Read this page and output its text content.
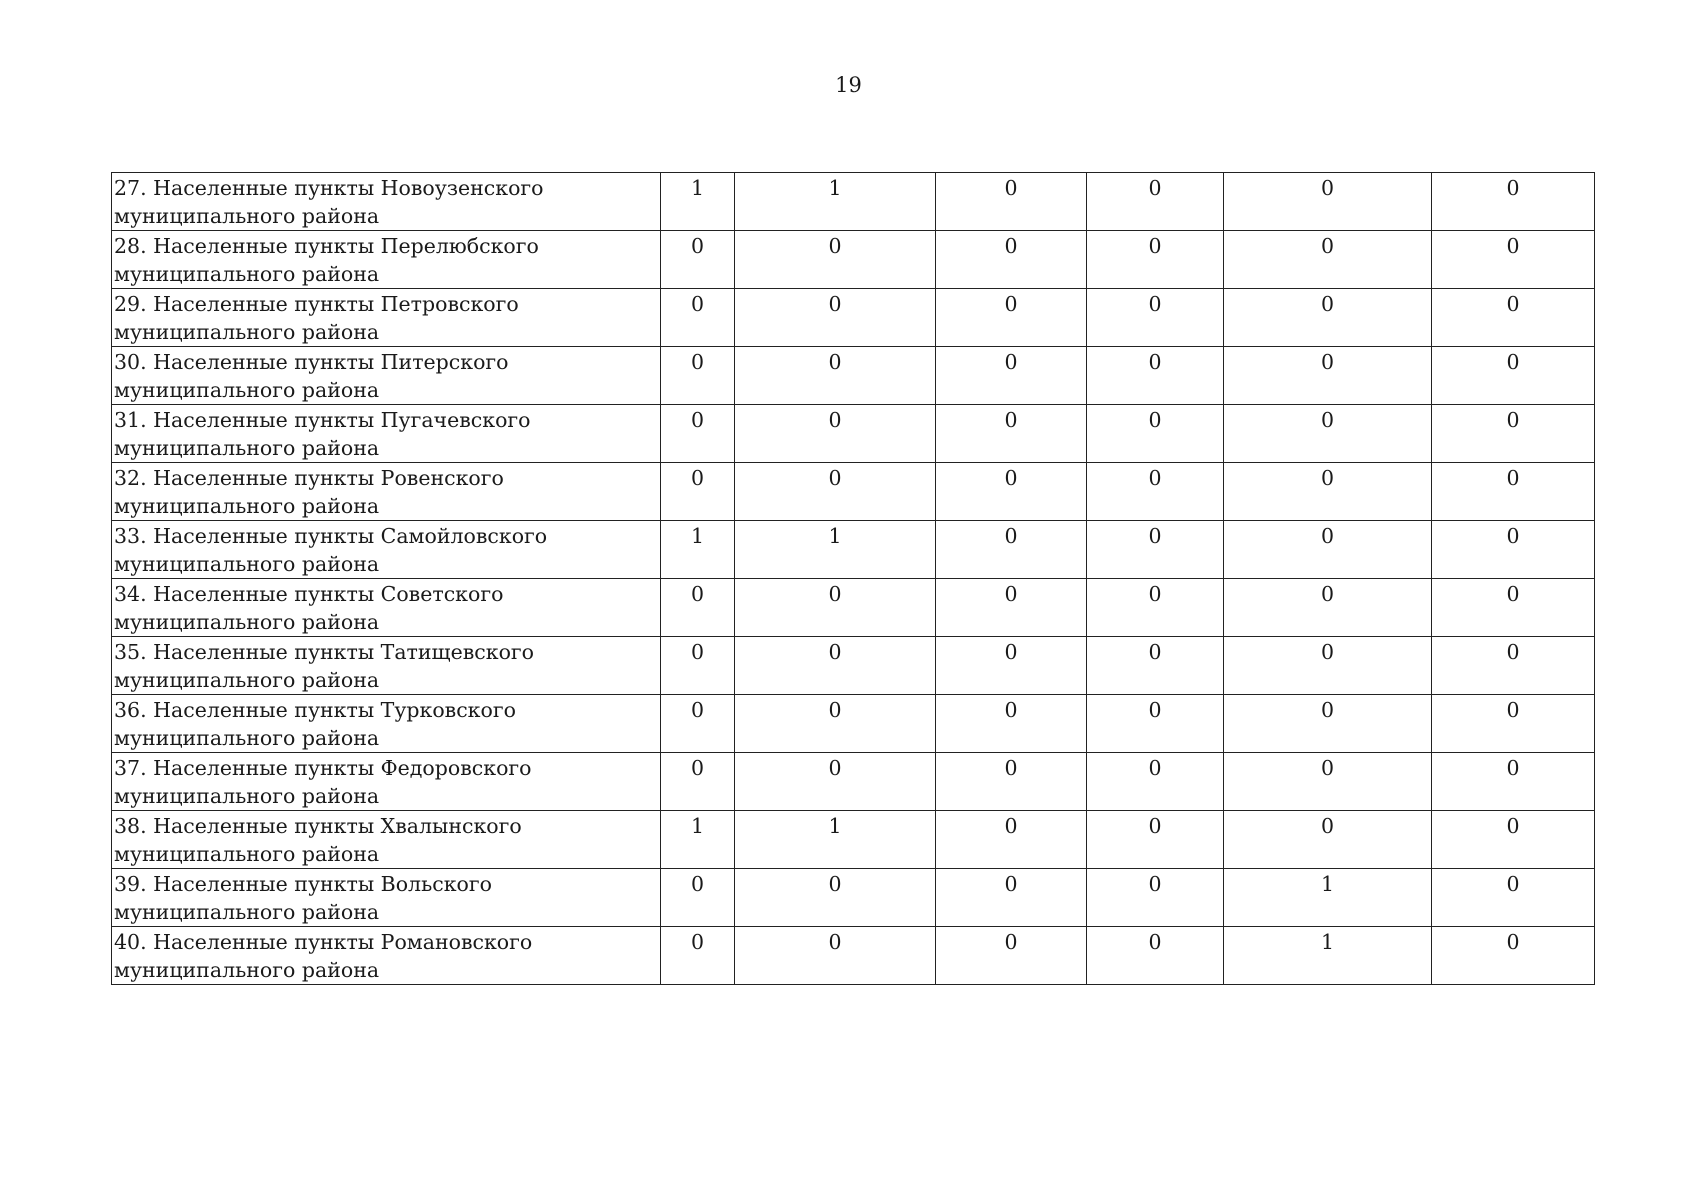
19
27. Населенные пункты Новоузенского муниципального района	1	1	0	0	0	0
28. Населенные пункты Перелюбского муниципального района	0	0	0	0	0	0
29. Населенные пункты Петровского муниципального района	0	0	0	0	0	0
30. Населенные пункты Питерского муниципального района	0	0	0	0	0	0
31. Населенные пункты Пугачевского муниципального района	0	0	0	0	0	0
32. Населенные пункты Ровенского муниципального района	0	0	0	0	0	0
33. Населенные пункты Самойловского муниципального района	1	1	0	0	0	0
34. Населенные пункты Советского муниципального района	0	0	0	0	0	0
35. Населенные пункты Татищевского муниципального района	0	0	0	0	0	0
36. Населенные пункты Турковского муниципального района	0	0	0	0	0	0
37. Населенные пункты Федоровского муниципального района	0	0	0	0	0	0
38. Населенные пункты Хвалынского муниципального района	1	1	0	0	0	0
39. Населенные пункты Вольского муниципального района	0	0	0	0	1	0
40. Населенные пункты Романовского муниципального района	0	0	0	0	1	0
